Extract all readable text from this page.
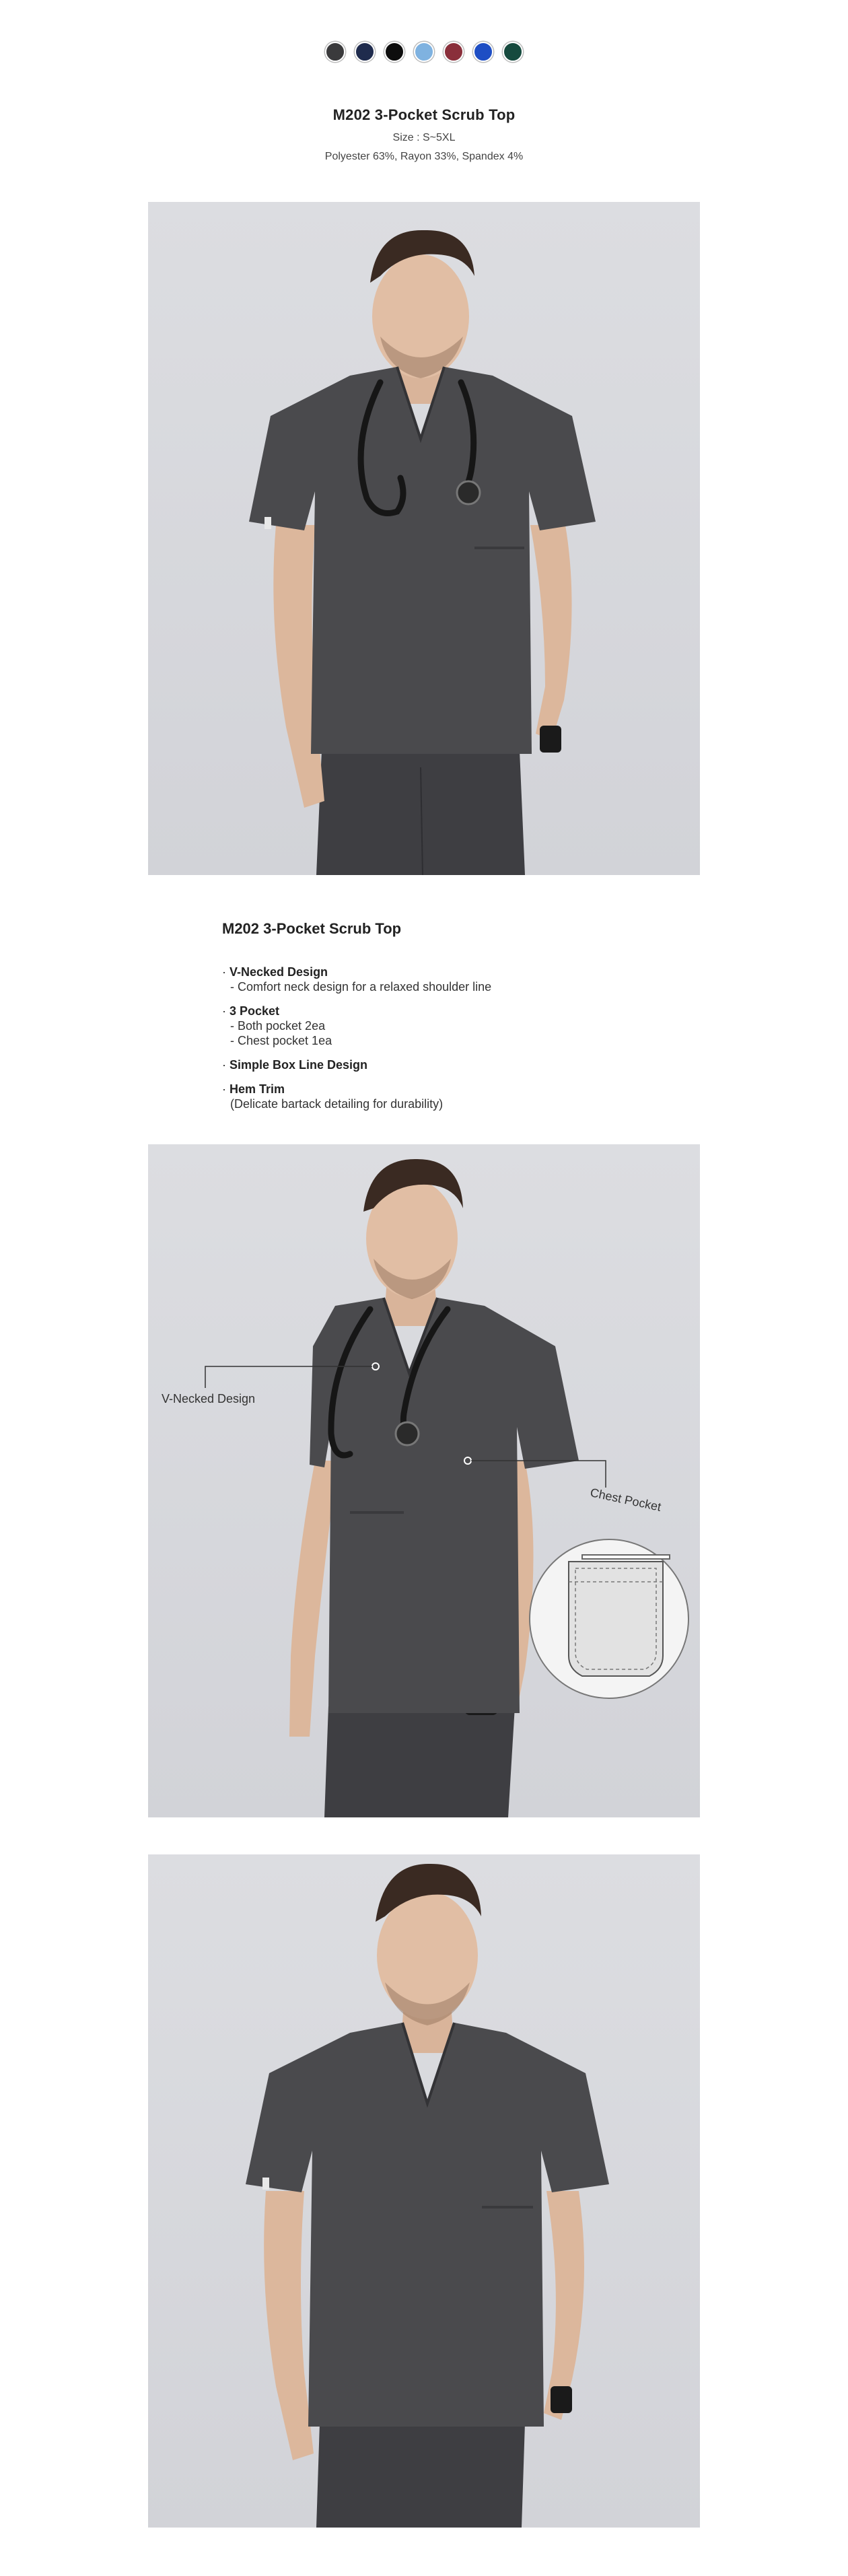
M202 3-Pocket Scrub Top
Size : S~5XL
Polyester 63%, Rayon 33%, Spandex 4%
M202 3-Pocket Scrub Top
· V-Necked Design
- Comfort neck design for a relaxed shoulder line
· 3 Pocket
- Both pocket 2ea
- Chest pocket 1ea
· Simple Box Line Design
· Hem Trim
(Delicate bartack detailing for durability)
V-Necked Design
Chest Pocket
